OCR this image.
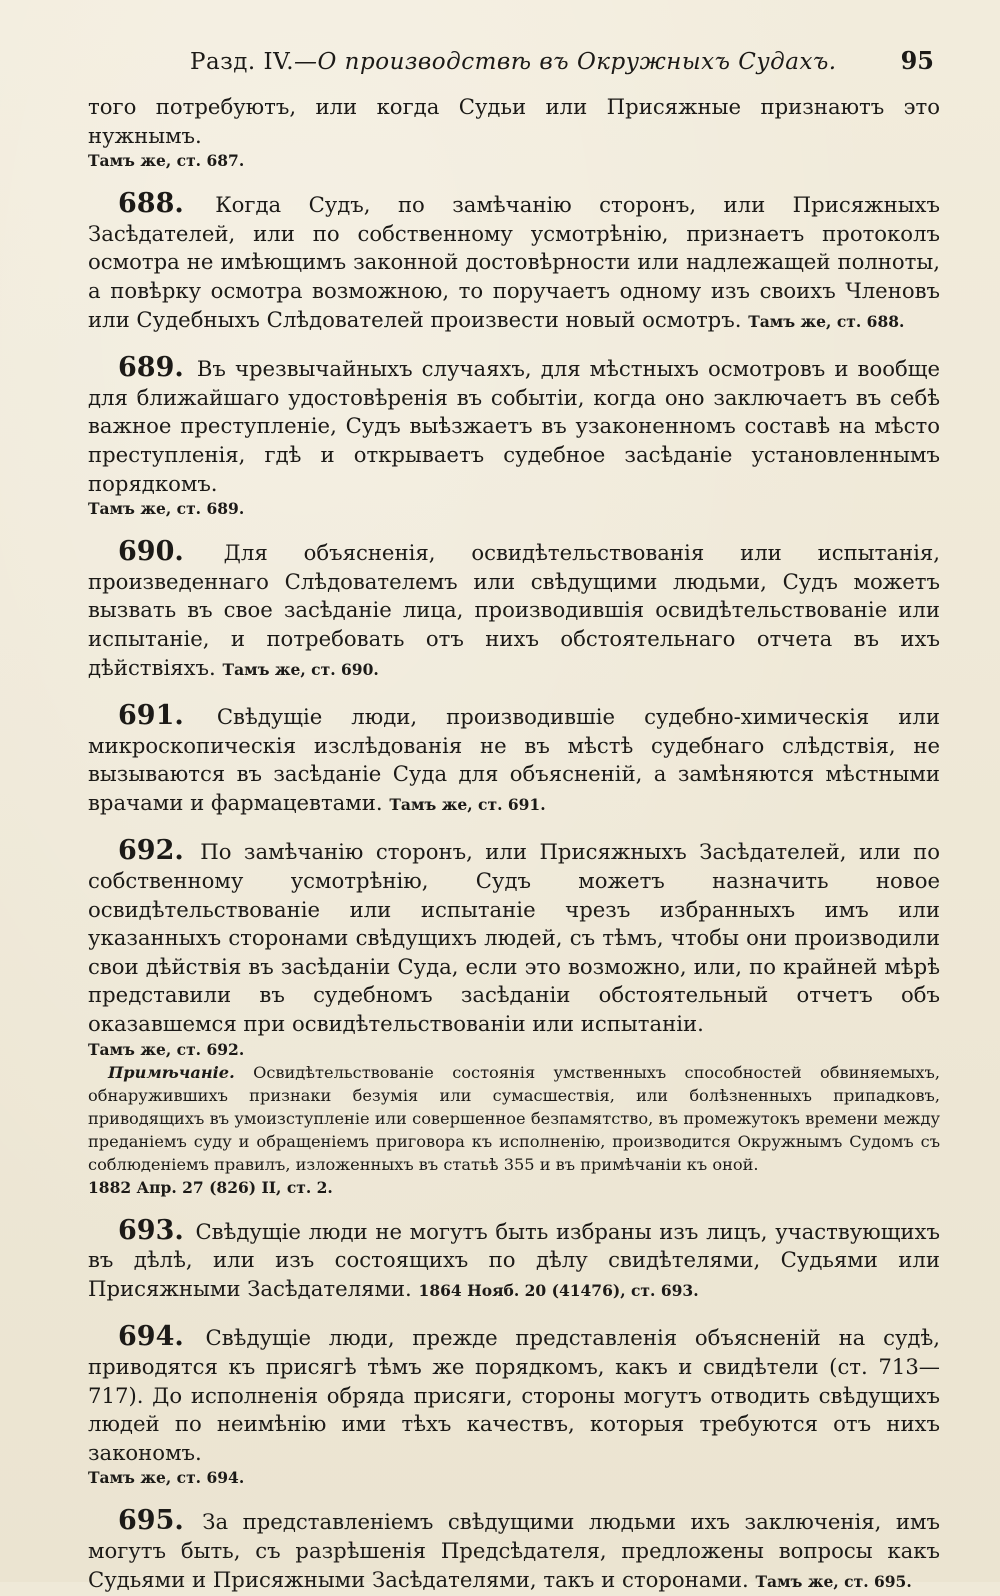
Разд. IV.—О производствѣ въ Окружныхъ Судахъ.	95

того потребуютъ, или когда Судьи или Присяжные признаютъ это нужнымъ.

Тамъ же, ст. 687.

688. Когда Судъ, по замѣчанію сторонъ, или Присяжныхъ Засѣдателей, или по собственному усмотрѣнію, признаетъ протоколъ осмотра не имѣющимъ законной достовѣрности или надлежащей полноты, а повѣрку осмотра возможною, то поручаетъ одному изъ своихъ Членовъ или Судебныхъ Слѣдователей произвести новый осмотръ. Тамъ же, ст. 688.

689. Въ чрезвычайныхъ случаяхъ, для мѣстныхъ осмотровъ и вообще для ближайшаго удостовѣренія въ событіи, когда оно заключаетъ въ себѣ важное преступленіе, Судъ выѣзжаетъ въ узаконенномъ составѣ на мѣсто преступленія, гдѣ и открываетъ судебное засѣданіе установленнымъ порядкомъ.

Тамъ же, ст. 689.

690. Для объясненія, освидѣтельствованія или испытанія, произведеннаго Слѣдователемъ или свѣдущими людьми, Судъ можетъ вызвать въ свое засѣданіе лица, производившія освидѣтельствованіе или испытаніе, и потребовать отъ нихъ обстоятельнаго отчета въ ихъ дѣйствіяхъ. Тамъ же, ст. 690.

691. Свѣдущіе люди, производившіе судебно-химическія или микроскопическія изслѣдованія не въ мѣстѣ судебнаго слѣдствія, не вызываются въ засѣданіе Суда для объясненій, а замѣняются мѣстными врачами и фармацевтами. Тамъ же, ст. 691.

692. По замѣчанію сторонъ, или Присяжныхъ Засѣдателей, или по собственному усмотрѣнію, Судъ можетъ назначить новое освидѣтельствованіе или испытаніе чрезъ избранныхъ имъ или указанныхъ сторонами свѣдущихъ людей, съ тѣмъ, чтобы они производили свои дѣйствія въ засѣданіи Суда, если это возможно, или, по крайней мѣрѣ представили въ судебномъ засѣданіи обстоятельный отчетъ объ оказавшемся при освидѣтельствованіи или испытаніи.

Тамъ же, ст. 692.

Примѣчаніе. Освидѣтельствованіе состоянія умственныхъ способностей обвиняемыхъ, обнаружившихъ признаки безумія или сумасшествія, или болѣзненныхъ припадковъ, приводящихъ въ умоизступленіе или совершенное безпамятство, въ промежутокъ времени между преданіемъ суду и обращеніемъ приговора къ исполненію, производится Окружнымъ Судомъ съ соблюденіемъ правилъ, изложенныхъ въ статьѣ 355 и въ примѣчаніи къ оной.

1882 Апр. 27 (826) II, ст. 2.

693. Свѣдущіе люди не могутъ быть избраны изъ лицъ, участвующихъ въ дѣлѣ, или изъ состоящихъ по дѣлу свидѣтелями, Судьями или Присяжными Засѣдателями. 1864 Нояб. 20 (41476), ст. 693.

694. Свѣдущіе люди, прежде представленія объясненій на судѣ, приводятся къ присягѣ тѣмъ же порядкомъ, какъ и свидѣтели (ст. 713—717). До исполненія обряда присяги, стороны могутъ отводить свѣдущихъ людей по неимѣнію ими тѣхъ качествъ, которыя требуются отъ нихъ закономъ.

Тамъ же, ст. 694.

695. За представленіемъ свѣдущими людьми ихъ заключенія, имъ могутъ быть, съ разрѣшенія Предсѣдателя, предложены вопросы какъ Судьями и Присяжными Засѣдателями, такъ и сторонами. Тамъ же, ст. 695.
